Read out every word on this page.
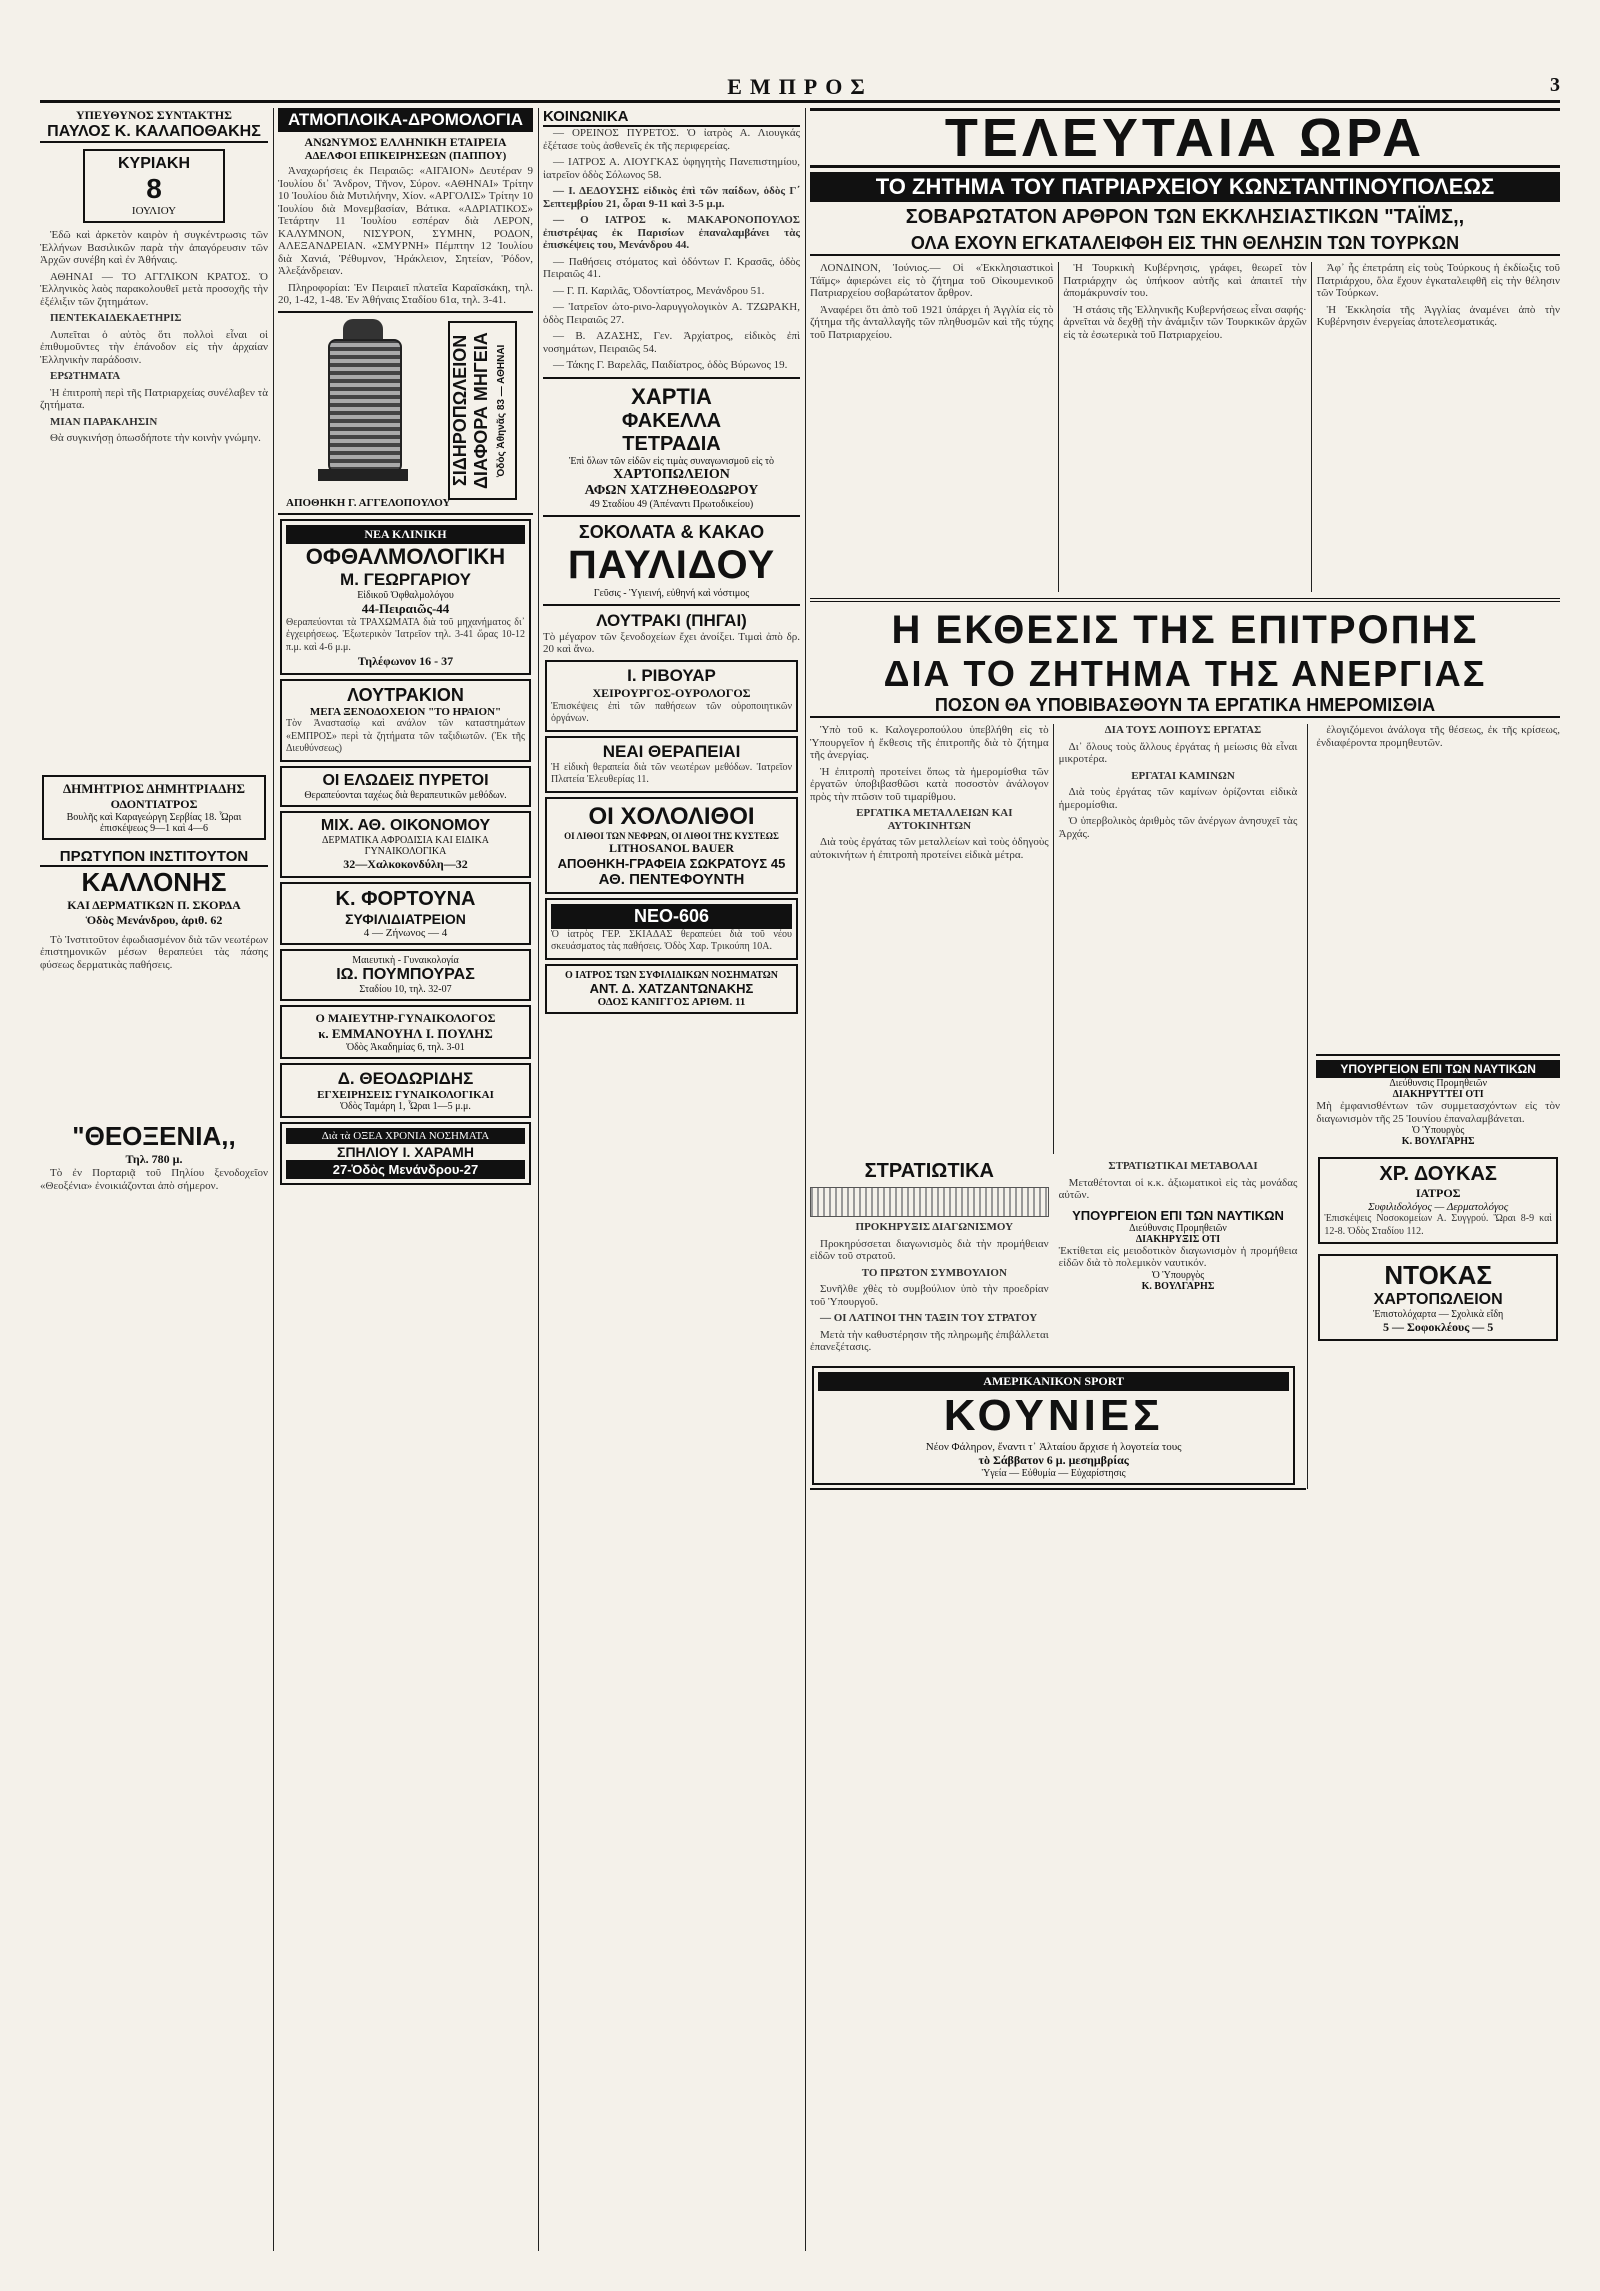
ΕΜΠΡΟΣ	3
ΥΠΕΥΘΥΝΟΣ ΣΥΝΤΑΚΤΗΣ
ΠΑΥΛΟΣ Κ. ΚΑΛΑΠΟΘΑΚΗΣ
ΚΥΡΙΑΚΗ
8
ΙΟΥΛΙΟΥ

Ἐδῶ καὶ ἀρκετὸν καιρὸν ἡ συγκέντρωσις τῶν Ἑλλήνων Βασιλικῶν παρὰ τὴν ἀπαγόρευσιν τῶν Ἀρχῶν συνέβη καὶ ἐν Ἀθήναις.

ΑΘΗΝΑΙ — ΤΟ ΑΓΓΛΙΚΟΝ ΚΡΑΤΟΣ. Ὁ Ἑλληνικὸς λαὸς παρακολουθεῖ μετὰ προσοχῆς τὴν ἐξέλιξιν τῶν ζητημάτων.

ΠΕΝΤΕΚΑΙΔΕΚΑΕΤΗΡΙΣ

Λυπεῖται ὁ αὐτὸς ὅτι πολλοὶ εἶναι οἱ ἐπιθυμοῦντες τὴν ἐπάνοδον εἰς τὴν ἀρχαίαν Ἑλληνικὴν παράδοσιν.

ΕΡΩΤΗΜΑΤΑ

Ἡ ἐπιτροπὴ περὶ τῆς Πατριαρχείας συνέλαβεν τὰ ζητήματα.

ΜΙΑΝ ΠΑΡΑΚΛΗΣΙΝ

Θὰ συγκινήσῃ ὁπωσδήποτε τὴν κοινὴν γνώμην.

ΔΗΜΗΤΡΙΟΣ ΔΗΜΗΤΡΙΑΔΗΣ
ΟΔΟΝΤΙΑΤΡΟΣ
Βουλῆς καὶ Καραγεώργη Σερβίας 18. Ὧραι ἐπισκέψεως 9—1 καὶ 4—6
ΠΡΩΤΥΠΟΝ ΙΝΣΤΙΤΟΥΤΟΝ
ΚΑΛΛΟΝΗΣ
ΚΑΙ ΔΕΡΜΑΤΙΚΩΝ Π. ΣΚΟΡΔΑ
Ὁδὸς Μενάνδρου, ἀριθ. 62

Τὸ Ἰνστιτοῦτον ἐφωδιασμένον διὰ τῶν νεωτέρων ἐπιστημονικῶν μέσων θεραπεύει τὰς πάσης φύσεως δερματικὰς παθήσεις.

"ΘΕΟΞΕΝΙΑ,,
Τηλ. 780 μ.

Τὸ ἐν Πορταριᾷ τοῦ Πηλίου ξενοδοχεῖον «Θεοξένια» ἐνοικιάζονται ἀπὸ σήμερον.

ΑΤΜΟΠΛΟΙΚΑ-ΔΡΟΜΟΛΟΓΙΑ
ΑΝΩΝΥΜΟΣ ΕΛΛΗΝΙΚΗ ΕΤΑΙΡΕΙΑ
ΑΔΕΛΦΟΙ ΕΠΙΚΕΙΡΗΣΕΩΝ (ΠΑΠΠΟΥ)

Ἀναχωρήσεις ἐκ Πειραιῶς: «ΑΙΓΑΙΟΝ» Δευτέραν 9 Ἰουλίου δι᾽ Ἄνδρον, Τῆνον, Σύρον. «ΑΘΗΝΑΙ» Τρίτην 10 Ἰουλίου διὰ Μυτιλήνην, Χίον. «ΑΡΓΟΛΙΣ» Τρίτην 10 Ἰουλίου διὰ Μονεμβασίαν, Βάτικα. «ΑΔΡΙΑΤΙΚΟΣ» Τετάρτην 11 Ἰουλίου εσπέραν διὰ ΛΕΡΟΝ, ΚΑΛΥΜΝΟΝ, ΝΙΣΥΡΟΝ, ΣΥΜΗΝ, ΡΟΔΟΝ, ΑΛΕΞΑΝΔΡΕΙΑΝ. «ΣΜΥΡΝΗ» Πέμπτην 12 Ἰουλίου διὰ Χανιά, Ῥέθυμνον, Ἡράκλειον, Σητείαν, Ῥόδον, Ἀλεξάνδρειαν.

Πληροφορίαι: Ἐν Πειραιεῖ πλατεῖα Καραϊσκάκη, τηλ. 20, 1-42, 1-48. Ἐν Ἀθήναις Σταδίου 61α, τηλ. 3-41.

ΣΙΔΗΡΟΠΩΛΕΙΟΝ ΔΙΑΦΟΡΑ ΜΗΓΕΙΑ Ὁδὸς Ἀθηνᾶς 83 — ΑΘΗΝΑΙ
ΑΠΟΘΗΚΗ Γ. ΑΓΓΕΛΟΠΟΥΛΟΥ
ΝΕΑ ΚΛΙΝΙΚΗ
ΟΦΘΑΛΜΟΛΟΓΙΚΗ
Μ. ΓΕΩΡΓΑΡΙΟΥ
Εἰδικοῦ Ὀφθαλμολόγου
44-Πειραιῶς-44
Θεραπεύονται τὰ ΤΡΑΧΩΜΑΤΑ διὰ τοῦ μηχανήματος δι᾽ ἐγχειρήσεως. Ἐξωτερικὸν Ἰατρεῖον τηλ. 3-41 ὥρας 10-12 π.μ. καὶ 4-6 μ.μ.
Τηλέφωνον 16 - 37
ΛΟΥΤΡΑΚΙΟΝ
ΜΕΓΑ ΞΕΝΟΔΟΧΕΙΟΝ "ΤΟ ΗΡΑΙΟΝ"
Τὸν Ἀναστασίῳ καὶ ανάλον τῶν καταστημάτων «ΕΜΠΡΟΣ» περὶ τὰ ζητήματα τῶν ταξιδιωτῶν. (Ἐκ τῆς Διευθύνσεως)
ΟΙ ΕΛΩΔΕΙΣ ΠΥΡΕΤΟΙ
Θεραπεύονται ταχέως διὰ θεραπευτικῶν μεθόδων.
ΜΙΧ. ΑΘ. ΟΙΚΟΝΟΜΟΥ
ΔΕΡΜΑΤΙΚΑ ΑΦΡΟΔΙΣΙΑ ΚΑΙ ΕΙΔΙΚΑ ΓΥΝΑΙΚΟΛΟΓΙΚΑ
32—Χαλκοκονδύλη—32
Κ. ΦΟΡΤΟΥΝΑ
ΣΥΦΙΛΙΔΙΑΤΡΕΙΟΝ
4 — Ζήνωνος — 4
Μαιευτικὴ - Γυναικολογία
ΙΩ. ΠΟΥΜΠΟΥΡΑΣ
Σταδίου 10, τηλ. 32-07
Ο ΜΑΙΕΥΤΗΡ-ΓΥΝΑΙΚΟΛΟΓΟΣ
κ. ΕΜΜΑΝΟΥΗΛ Ι. ΠΟΥΛΗΣ
Ὁδὸς Ἀκαδημίας 6, τηλ. 3-01
Δ. ΘΕΟΔΩΡΙΔΗΣ
ΕΓΧΕΙΡΗΣΕΙΣ ΓΥΝΑΙΚΟΛΟΓΙΚΑΙ
Ὁδὸς Ταμάρη 1, Ὧραι 1—5 μ.μ.
Διὰ τὰ ΟΞΕΑ ΧΡΟΝΙΑ ΝΟΣΗΜΑΤΑ
ΣΠΗΛΙΟΥ Ι. ΧΑΡΑΜΗ
27-Ὁδὸς Μενάνδρου-27
ΚΟΙΝΩΝΙΚΑ

— ΟΡΕΙΝΟΣ ΠΥΡΕΤΟΣ. Ὁ ἰατρὸς Α. Λιουγκάς ἐξέτασε τοὺς ἀσθενεῖς ἐκ τῆς περιφερείας.

— ΙΑΤΡΟΣ Α. ΛΙΟΥΓΚΑΣ ὑφηγητὴς Πανεπιστημίου, ἰατρεῖον ὁδὸς Σόλωνος 58.

— Ι. ΔΕΔΟΥΣΗΣ εἰδικὸς ἐπὶ τῶν παίδων, ὁδὸς Γ΄ Σεπτεμβρίου 21, ὧραι 9-11 καὶ 3-5 μ.μ.

— Ο ΙΑΤΡΟΣ κ. ΜΑΚΑΡΟΝΟΠΟΥΛΟΣ ἐπιστρέψας ἐκ Παρισίων ἐπαναλαμβάνει τὰς ἐπισκέψεις του, Μενάνδρου 44.

— Παθήσεις στόματος καὶ ὀδόντων Γ. Κρασᾶς, ὁδὸς Πειραιῶς 41.

— Γ. Π. Καριλᾶς, Ὀδοντίατρος, Μενάνδρου 51.

— Ἰατρεῖον ὠτο-ρινο-λαρυγγολογικὸν Α. ΤΖΩΡΑΚΗ, ὁδὸς Πειραιῶς 27.

— Β. ΑΖΑΣΗΣ, Γεν. Ἀρχίατρος, εἰδικὸς ἐπὶ νοσημάτων, Πειραιῶς 54.

— Τάκης Γ. Βαρελᾶς, Παιδίατρος, ὁδὸς Βύρωνος 19.

ΧΑΡΤΙΑ
ΦΑΚΕΛΛΑ
ΤΕΤΡΑΔΙΑ
Ἐπὶ ὅλων τῶν εἰδῶν εἰς τιμὰς συναγωνισμοῦ εἰς τὸ
ΧΑΡΤΟΠΩΛΕΙΟΝ
ΑΦΩΝ ΧΑΤΖΗΘΕΟΔΩΡΟΥ
49 Σταδίου 49 (Ἀπέναντι Πρωτοδικείου)
ΣΟΚΟΛΑΤΑ & ΚΑΚΑΟ
ΠΑΥΛΙΔΟΥ
Γεῦσις - Ὑγιεινή, εὐθηνή καὶ νόστιμος
ΛΟΥΤΡΑΚΙ (ΠΗΓΑΙ)
Τὸ μέγαρον τῶν ξενοδοχείων ἔχει ἀνοίξει. Τιμαὶ ἀπὸ δρ. 20 καὶ ἄνω.
Ι. ΡΙΒΟΥΑΡ
ΧΕΙΡΟΥΡΓΟΣ-ΟΥΡΟΛΟΓΟΣ
Ἐπισκέψεις ἐπὶ τῶν παθήσεων τῶν οὐροποιητικῶν ὀργάνων.
ΝΕΑΙ ΘΕΡΑΠΕΙΑΙ
Ἡ εἰδικὴ θεραπεία διὰ τῶν νεωτέρων μεθόδων. Ἰατρεῖον Πλατεία Ἐλευθερίας 11.
ΟΙ ΧΟΛΟΛΙΘΟΙ
ΟΙ ΛΙΘΟΙ ΤΩΝ ΝΕΦΡΩΝ, ΟΙ ΛΙΘΟΙ ΤΗΣ ΚΥΣΤΕΩΣ
LITHOSANOL BAUER
ΑΠΟΘΗΚΗ-ΓΡΑΦΕΙΑ ΣΩΚΡΑΤΟΥΣ 45
ΑΘ. ΠΕΝΤΕΦΟΥΝΤΗ
ΝΕΟ-606
Ὁ ἰατρὸς ΓΕΡ. ΣΚΙΑΔΑΣ θεραπεύει διὰ τοῦ νέου σκευάσματος τὰς παθήσεις. Ὁδὸς Χαρ. Τρικούπη 10Α.
Ο ΙΑΤΡΟΣ ΤΩΝ ΣΥΦΙΛΙΔΙΚΩΝ ΝΟΣΗΜΑΤΩΝ
ΑΝΤ. Δ. ΧΑΤΖΑΝΤΩΝΑΚΗΣ
ΟΔΟΣ ΚΑΝΙΓΓΟΣ ΑΡΙΘΜ. 11
ΤΕΛΕΥΤΑΙΑ ΩΡΑ
ΤΟ ΖΗΤΗΜΑ ΤΟΥ ΠΑΤΡΙΑΡΧΕΙΟΥ ΚΩΝΣΤΑΝΤΙΝΟΥΠΟΛΕΩΣ
ΣΟΒΑΡΩΤΑΤΟΝ ΑΡΘΡΟΝ ΤΩΝ ΕΚΚΛΗΣΙΑΣΤΙΚΩΝ "ΤΑΪΜΣ,,
ΟΛΑ ΕΧΟΥΝ ΕΓΚΑΤΑΛΕΙΦΘΗ ΕΙΣ ΤΗΝ ΘΕΛΗΣΙΝ ΤΩΝ ΤΟΥΡΚΩΝ

ΛΟΝΔΙΝΟΝ, Ἰούνιος.— Οἱ «Ἐκκλησιαστικοὶ Τάϊμς» ἀφιερώνει εἰς τὸ ζήτημα τοῦ Οἰκουμενικοῦ Πατριαρχείου σοβαρώτατον ἄρθρον.

Ἀναφέρει ὅτι ἀπὸ τοῦ 1921 ὑπάρχει ἡ Ἀγγλία εἰς τὸ ζήτημα τῆς ἀνταλλαγῆς τῶν πληθυσμῶν καὶ τῆς τύχης τοῦ Πατριαρχείου.

Ἡ Τουρκικὴ Κυβέρνησις, γράφει, θεωρεῖ τὸν Πατριάρχην ὡς ὑπήκοον αὐτῆς καὶ ἀπαιτεῖ τὴν ἀπομάκρυνσίν του.

Ἡ στάσις τῆς Ἑλληνικῆς Κυβερνήσεως εἶναι σαφής· ἀρνεῖται νὰ δεχθῇ τὴν ἀνάμιξιν τῶν Τουρκικῶν ἀρχῶν εἰς τὰ ἐσωτερικὰ τοῦ Πατριαρχείου.

Ἀφ᾽ ἧς ἐπετράπη εἰς τοὺς Τούρκους ἡ ἐκδίωξις τοῦ Πατριάρχου, ὅλα ἔχουν ἐγκαταλειφθῆ εἰς τὴν θέλησιν τῶν Τούρκων.

Ἡ Ἐκκλησία τῆς Ἀγγλίας ἀναμένει ἀπὸ τὴν Κυβέρνησιν ἐνεργείας ἀποτελεσματικάς.

Η ΕΚΘΕΣΙΣ ΤΗΣ ΕΠΙΤΡΟΠΗΣ
ΔΙΑ ΤΟ ΖΗΤΗΜΑ ΤΗΣ ΑΝΕΡΓΙΑΣ
ΠΟΣΟΝ ΘΑ ΥΠΟΒΙΒΑΣΘΟΥΝ ΤΑ ΕΡΓΑΤΙΚΑ ΗΜΕΡΟΜΙΣΘΙΑ

Ὑπὸ τοῦ κ. Καλογεροπούλου ὑπεβλήθη εἰς τὸ Ὑπουργεῖον ἡ ἔκθεσις τῆς ἐπιτροπῆς διὰ τὸ ζήτημα τῆς ἀνεργίας.

Ἡ ἐπιτροπὴ προτείνει ὅπως τὰ ἡμερομίσθια τῶν ἐργατῶν ὑποβιβασθῶσι κατὰ ποσοστὸν ἀνάλογον πρὸς τὴν πτῶσιν τοῦ τιμαρίθμου.

ΕΡΓΑΤΙΚΑ ΜΕΤΑΛΛΕΙΩΝ ΚΑΙ ΑΥΤΟΚΙΝΗΤΩΝ

Διὰ τοὺς ἐργάτας τῶν μεταλλείων καὶ τοὺς ὁδηγοὺς αὐτοκινήτων ἡ ἐπιτροπὴ προτείνει εἰδικὰ μέτρα.

ΔΙΑ ΤΟΥΣ ΛΟΙΠΟΥΣ ΕΡΓΑΤΑΣ

Δι᾽ ὅλους τοὺς ἄλλους ἐργάτας ἡ μείωσις θὰ εἶναι μικροτέρα.

ΕΡΓΑΤΑΙ ΚΑΜΙΝΩΝ

Διὰ τοὺς ἐργάτας τῶν καμίνων ὁρίζονται εἰδικὰ ἡμερομίσθια.

Ὁ ὑπερβολικὸς ἀριθμὸς τῶν ἀνέργων ἀνησυχεῖ τὰς Ἀρχάς.

ΣΤΡΑΤΙΩΤΙΚΑ

ΠΡΟΚΗΡΥΞΙΣ ΔΙΑΓΩΝΙΣΜΟΥ

Προκηρύσσεται διαγωνισμὸς διὰ τὴν προμήθειαν εἰδῶν τοῦ στρατοῦ.

ΤΟ ΠΡΩΤΟΝ ΣΥΜΒΟΥΛΙΟΝ

Συνῆλθε χθὲς τὸ συμβούλιον ὑπὸ τὴν προεδρίαν τοῦ Ὑπουργοῦ.

— ΟΙ ΛΑΤΙΝΟΙ ΤΗΝ ΤΑΞΙΝ ΤΟΥ ΣΤΡΑΤΟΥ

Μετὰ τὴν καθυστέρησιν τῆς πληρωμῆς ἐπιβάλλεται ἐπανεξέτασις.

ΣΤΡΑΤΙΩΤΙΚΑΙ ΜΕΤΑΒΟΛΑΙ

Μεταθέτονται οἱ κ.κ. ἀξιωματικοὶ εἰς τὰς μονάδας αὐτῶν.

ΥΠΟΥΡΓΕΙΟΝ ΕΠΙ ΤΩΝ ΝΑΥΤΙΚΩΝ
Διεύθυνσις Προμηθειῶν
ΔΙΑΚΗΡΥΞΙΣ ΟΤΙ
Ἐκτίθεται εἰς μειοδοτικὸν διαγωνισμὸν ἡ προμήθεια εἰδῶν διὰ τὸ πολεμικὸν ναυτικόν.
Ὁ Ὑπουργὸς
Κ. ΒΟΥΛΓΑΡΗΣ
ΑΜΕΡΙΚΑΝΙΚΟΝ SPORT
ΚΟΥΝΙΕΣ
Νέον Φάληρον, ἔναντι τ᾽ Ἀλταίου ἄρχισε ἡ λογοτεία τους
τὸ Σάββατον 6 μ. μεσημβρίας
Ὑγεία — Εὐθυμία — Εὐχαρίστησις

ἐλογιζόμενοι ἀνάλογα τῆς θέσεως, ἐκ τῆς κρίσεως, ἐνδιαφέροντα προμηθευτῶν.

ΥΠΟΥΡΓΕΙΟΝ ΕΠΙ ΤΩΝ ΝΑΥΤΙΚΩΝ
Διεύθυνσις Προμηθειῶν
ΔΙΑΚΗΡΥΤΤΕΙ ΟΤΙ
Μὴ ἐμφανισθέντων τῶν συμμετασχόντων εἰς τὸν διαγωνισμὸν τῆς 25 Ἰουνίου ἐπαναλαμβάνεται.
Ὁ Ὑπουργὸς
Κ. ΒΟΥΛΓΑΡΗΣ
ΧΡ. ΔΟΥΚΑΣ
ΙΑΤΡΟΣ
Συφιλιδολόγος — Δερματολόγος
Ἐπισκέψεις Νοσοκομείων Α. Συγγρού. Ὥραι 8-9 καὶ 12-8. Ὁδὸς Σταδίου 112.
ΝΤΟΚΑΣ
ΧΑΡΤΟΠΩΛΕΙΟΝ
Ἐπιστολόχαρτα — Σχολικὰ εἴδη
5 — Σοφοκλέους — 5
